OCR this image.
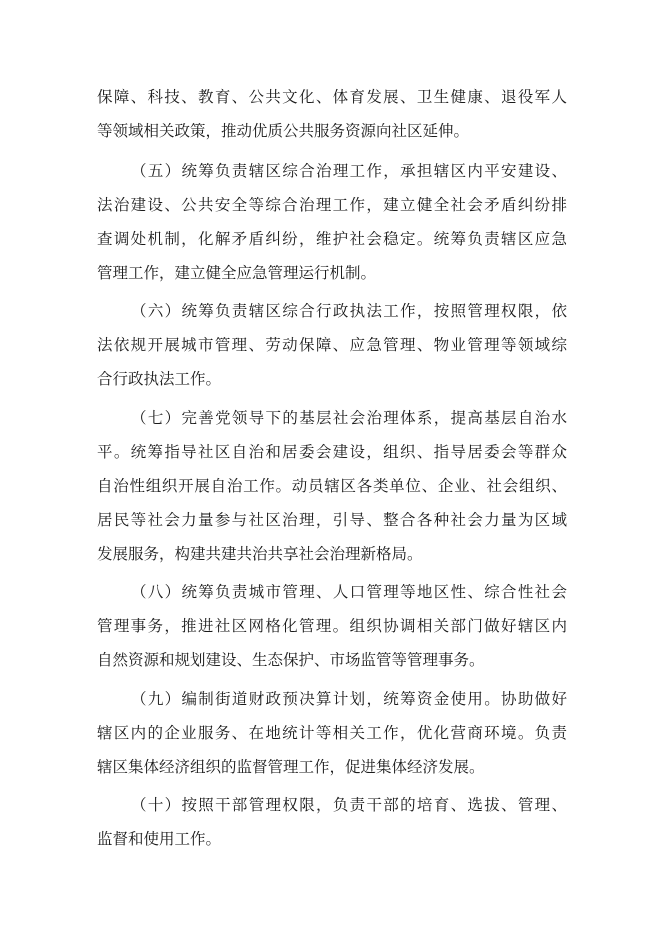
保障、科技、教育、公共文化、体育发展、卫生健康、退役军人
等领域相关政策，推动优质公共服务资源向社区延伸。
（五）统筹负责辖区综合治理工作，承担辖区内平安建设、
法治建设、公共安全等综合治理工作，建立健全社会矛盾纠纷排
查调处机制，化解矛盾纠纷，维护社会稳定。统筹负责辖区应急
管理工作，建立健全应急管理运行机制。
（六）统筹负责辖区综合行政执法工作，按照管理权限，依
法依规开展城市管理、劳动保障、应急管理、物业管理等领域综
合行政执法工作。
（七）完善党领导下的基层社会治理体系，提高基层自治水
平。统筹指导社区自治和居委会建设，组织、指导居委会等群众
自治性组织开展自治工作。动员辖区各类单位、企业、社会组织、
居民等社会力量参与社区治理，引导、整合各种社会力量为区域
发展服务，构建共建共治共享社会治理新格局。
（八）统筹负责城市管理、人口管理等地区性、综合性社会
管理事务，推进社区网格化管理。组织协调相关部门做好辖区内
自然资源和规划建设、生态保护、市场监管等管理事务。
（九）编制街道财政预决算计划，统筹资金使用。协助做好
辖区内的企业服务、在地统计等相关工作，优化营商环境。负责
辖区集体经济组织的监督管理工作，促进集体经济发展。
（十）按照干部管理权限，负责干部的培育、选拔、管理、
监督和使用工作。
